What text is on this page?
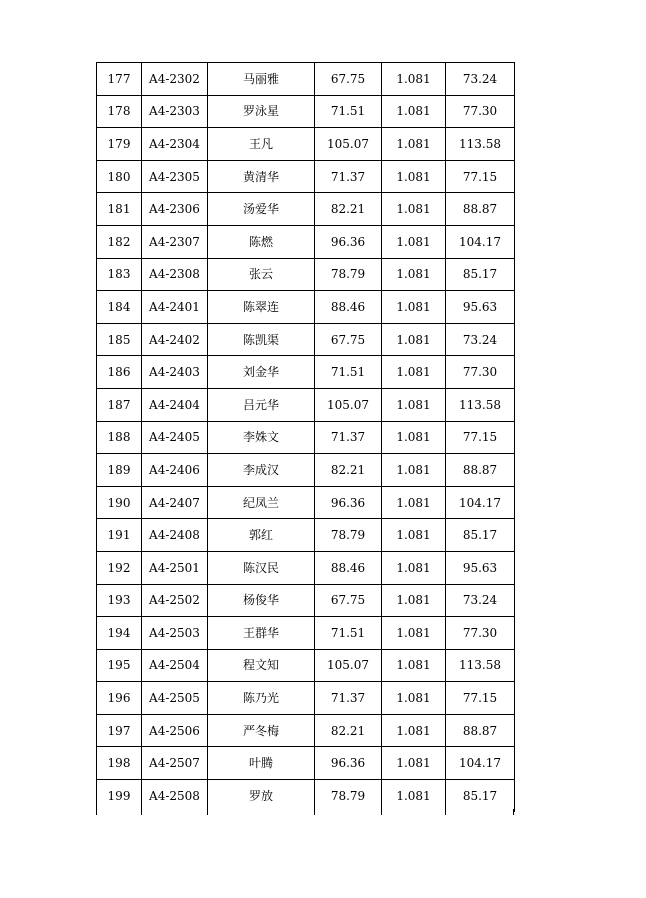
177	A4-2302	马丽雅	67.75	1.081	73.24
178	A4-2303	罗泳星	71.51	1.081	77.30
179	A4-2304	王凡	105.07	1.081	113.58
180	A4-2305	黄清华	71.37	1.081	77.15
181	A4-2306	汤爱华	82.21	1.081	88.87
182	A4-2307	陈燃	96.36	1.081	104.17
183	A4-2308	张云	78.79	1.081	85.17
184	A4-2401	陈翠连	88.46	1.081	95.63
185	A4-2402	陈凯渠	67.75	1.081	73.24
186	A4-2403	刘金华	71.51	1.081	77.30
187	A4-2404	吕元华	105.07	1.081	113.58
188	A4-2405	李姝文	71.37	1.081	77.15
189	A4-2406	李成汉	82.21	1.081	88.87
190	A4-2407	纪凤兰	96.36	1.081	104.17
191	A4-2408	郭红	78.79	1.081	85.17
192	A4-2501	陈汉民	88.46	1.081	95.63
193	A4-2502	杨俊华	67.75	1.081	73.24
194	A4-2503	王群华	71.51	1.081	77.30
195	A4-2504	程文知	105.07	1.081	113.58
196	A4-2505	陈乃光	71.37	1.081	77.15
197	A4-2506	严冬梅	82.21	1.081	88.87
198	A4-2507	叶腾	96.36	1.081	104.17
199	A4-2508	罗放	78.79	1.081	85.17
